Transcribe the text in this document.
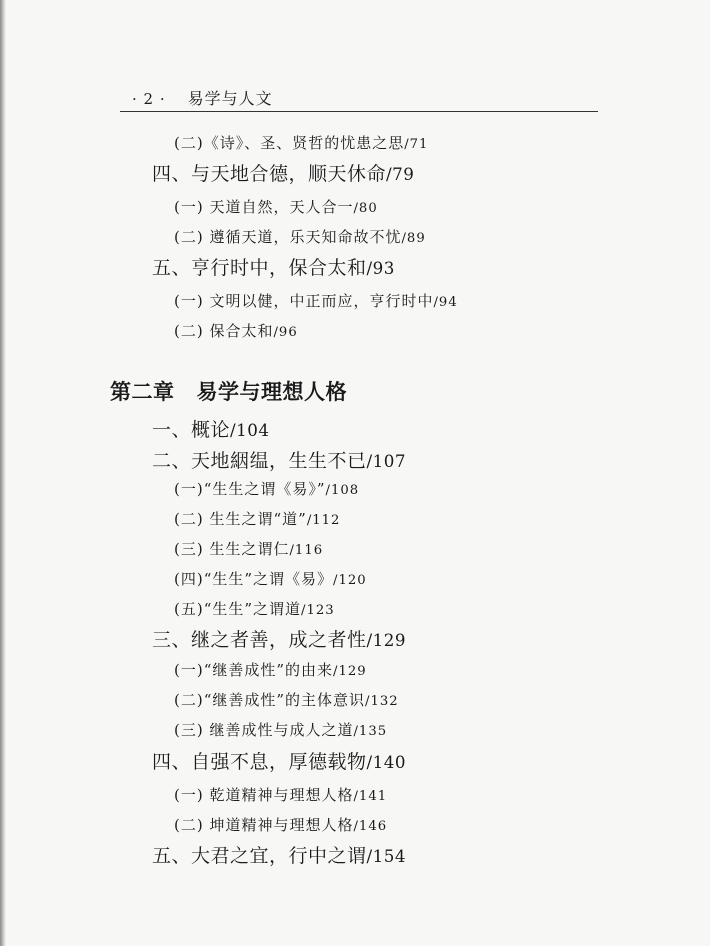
· 2 · 易学与人文
(二)《诗》、圣、贤哲的忧患之思/71
四、与天地合德，顺天休命/79
(一) 天道自然，天人合一/80
(二) 遵循天道，乐天知命故不忧/89
五、亨行时中，保合太和/93
(一) 文明以健，中正而应，亨行时中/94
(二) 保合太和/96
第二章 易学与理想人格
一、概论/104
二、天地絪缊，生生不已/107
(一)“生生之谓《易》”/108
(二) 生生之谓“道”/112
(三) 生生之谓仁/116
(四)“生生”之谓《易》/120
(五)“生生”之谓道/123
三、继之者善，成之者性/129
(一)“继善成性”的由来/129
(二)“继善成性”的主体意识/132
(三) 继善成性与成人之道/135
四、自强不息，厚德载物/140
(一) 乾道精神与理想人格/141
(二) 坤道精神与理想人格/146
五、大君之宜，行中之谓/154
